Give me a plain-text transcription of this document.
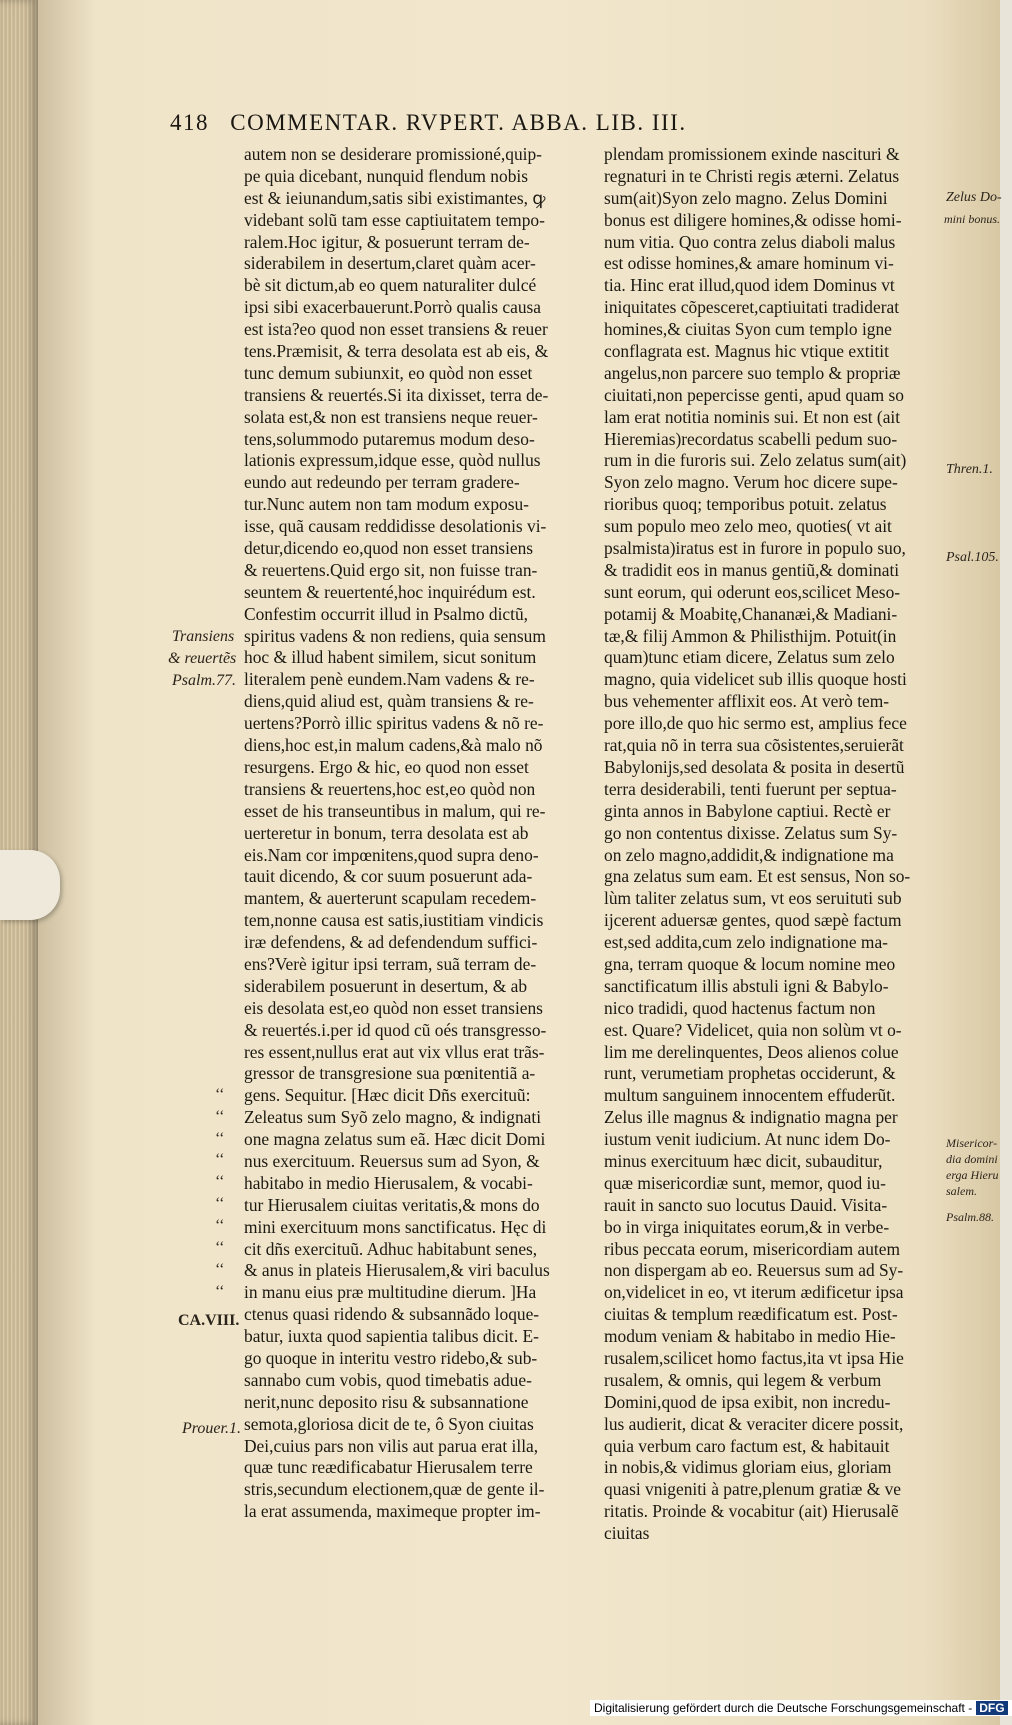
418 COMMENTAR. RVPERT. ABBA. LIB. III.
autem non se desiderare promissioné,quip-
pe quia dicebant, nunquid flendum nobis
est & ieiunandum,satis sibi existimantes, ꝙ
videbant solũ tam esse captiuitatem tempo-
ralem.Hoc igitur, & posuerunt terram de-
siderabilem in desertum,claret quàm acer-
bè sit dictum,ab eo quem naturaliter dulcé
ipsi sibi exacerbauerunt.Porrò qualis causa
est ista?eo quod non esset transiens & reuer
tens.Præmisit, & terra desolata est ab eis, &
tunc demum subiunxit, eo quòd non esset
transiens & reuertés.Si ita dixisset, terra de-
solata est,& non est transiens neque reuer-
tens,solummodo putaremus modum deso-
lationis expressum,idque esse, quòd nullus
eundo aut redeundo per terram gradere-
tur.Nunc autem non tam modum exposu-
isse, quã causam reddidisse desolationis vi-
detur,dicendo eo,quod non esset transiens
& reuertens.Quid ergo sit, non fuisse tran-
seuntem & reuertenté,hoc inquirédum est.
Confestim occurrit illud in Psalmo dictũ,
spiritus vadens & non rediens, quia sensum
hoc & illud habent similem, sicut sonitum
literalem penè eundem.Nam vadens & re-
diens,quid aliud est, quàm transiens & re-
uertens?Porrò illic spiritus vadens & nõ re-
diens,hoc est,in malum cadens,&à malo nõ
resurgens. Ergo & hic, eo quod non esset
transiens & reuertens,hoc est,eo quòd non
esset de his transeuntibus in malum, qui re-
uerteretur in bonum, terra desolata est ab
eis.Nam cor impœnitens,quod supra deno-
tauit dicendo, & cor suum posuerunt ada-
mantem, & auerterunt scapulam recedem-
tem,nonne causa est satis,iustitiam vindicis
iræ defendens, & ad defendendum suffici-
ens?Verè igitur ipsi terram, suã terram de-
siderabilem posuerunt in desertum, & ab
eis desolata est,eo quòd non esset transiens
& reuertés.i.per id quod cũ oés transgresso-
res essent,nullus erat aut vix vllus erat trãs-
gressor de transgresione sua pœnitentiã a-
gens. Sequitur. [Hæc dicit Dñs exercituũ:
Zeleatus sum Syõ zelo magno, & indignati
one magna zelatus sum eã. Hæc dicit Domi
nus exercituum. Reuersus sum ad Syon, &
habitabo in medio Hierusalem, & vocabi-
tur Hierusalem ciuitas veritatis,& mons do
mini exercituum mons sanctificatus. Hęc di
cit dñs exercituũ. Adhuc habitabunt senes,
& anus in plateis Hierusalem,& viri baculus
in manu eius præ multitudine dierum. ]Ha
ctenus quasi ridendo & subsannãdo loque-
batur, iuxta quod sapientia talibus dicit. E-
go quoque in interitu vestro ridebo,& sub-
sannabo cum vobis, quod timebatis adue-
nerit,nunc deposito risu & subsannatione
semota,gloriosa dicit de te, ô Syon ciuitas
Dei,cuius pars non vilis aut parua erat illa,
quæ tunc reædificabatur Hierusalem terre
stris,secundum electionem,quæ de gente il-
la erat assumenda, maximeque propter im-
plendam promissionem exinde nascituri &
regnaturi in te Christi regis æterni. Zelatus
sum(ait)Syon zelo magno. Zelus Domini
bonus est diligere homines,& odisse homi-
num vitia. Quo contra zelus diaboli malus
est odisse homines,& amare hominum vi-
tia. Hinc erat illud,quod idem Dominus vt
iniquitates cõpesceret,captiuitati tradiderat
homines,& ciuitas Syon cum templo igne
conflagrata est. Magnus hic vtique extitit
angelus,non parcere suo templo & propriæ
ciuitati,non pepercisse genti, apud quam so
lam erat notitia nominis sui. Et non est (ait
Hieremias)recordatus scabelli pedum suo-
rum in die furoris sui. Zelo zelatus sum(ait)
Syon zelo magno. Verum hoc dicere supe-
rioribus quoq; temporibus potuit. zelatus
sum populo meo zelo meo, quoties( vt ait
psalmista)iratus est in furore in populo suo,
& tradidit eos in manus gentiũ,& dominati
sunt eorum, qui oderunt eos,scilicet Meso-
potamij & Moabitę,Chananæi,& Madiani-
tæ,& filij Ammon & Philisthijm. Potuit(in
quam)tunc etiam dicere, Zelatus sum zelo
magno, quia videlicet sub illis quoque hosti
bus vehementer afflixit eos. At verò tem-
pore illo,de quo hic sermo est, amplius fece
rat,quia nõ in terra sua cõsistentes,seruierãt
Babylonijs,sed desolata & posita in desertũ
terra desiderabili, tenti fuerunt per septua-
ginta annos in Babylone captiui. Rectè er
go non contentus dixisse. Zelatus sum Sy-
on zelo magno,addidit,& indignatione ma
gna zelatus sum eam. Et est sensus, Non so-
lùm taliter zelatus sum, vt eos seruituti sub
ijcerent aduersæ gentes, quod sæpè factum
est,sed addita,cum zelo indignatione ma-
gna, terram quoque & locum nomine meo
sanctificatum illis abstuli igni & Babylo-
nico tradidi, quod hactenus factum non
est. Quare? Videlicet, quia non solùm vt o-
lim me derelinquentes, Deos alienos colue
runt, verumetiam prophetas occiderunt, &
multum sanguinem innocentem effuderũt.
Zelus ille magnus & indignatio magna per
iustum venit iudicium. At nunc idem Do-
minus exercituum hæc dicit, subauditur,
quæ misericordiæ sunt, memor, quod iu-
rauit in sancto suo locutus Dauid. Visita-
bo in virga iniquitates eorum,& in verbe-
ribus peccata eorum, misericordiam autem
non dispergam ab eo. Reuersus sum ad Sy-
on,videlicet in eo, vt iterum ædificetur ipsa
ciuitas & templum reædificatum est. Post-
modum veniam & habitabo in medio Hie-
rusalem,scilicet homo factus,ita vt ipsa Hie
rusalem, & omnis, qui legem & verbum
Domini,quod de ipsa exibit, non incredu-
lus audierit, dicat & veraciter dicere possit,
quia verbum caro factum est, & habitauit
in nobis,& vidimus gloriam eius, gloriam
quasi vnigeniti à patre,plenum gratiæ & ve
ritatis. Proinde & vocabitur (ait) Hierusalẽ
ciuitas
Transiens
& reuertẽs
Psalm.77.
CA.VIII.
Prouer.1.
Zelus Do-
mini bonus.
Thren.1.
Psal.105.
Misericor-
dia domini
erga Hieru
salem.
Psalm.88.
‘‘
‘‘
‘‘
‘‘
‘‘
‘‘
‘‘
‘‘
‘‘
‘‘
Digitalisierung gefördert durch die Deutsche Forschungsgemeinschaft - DFG
